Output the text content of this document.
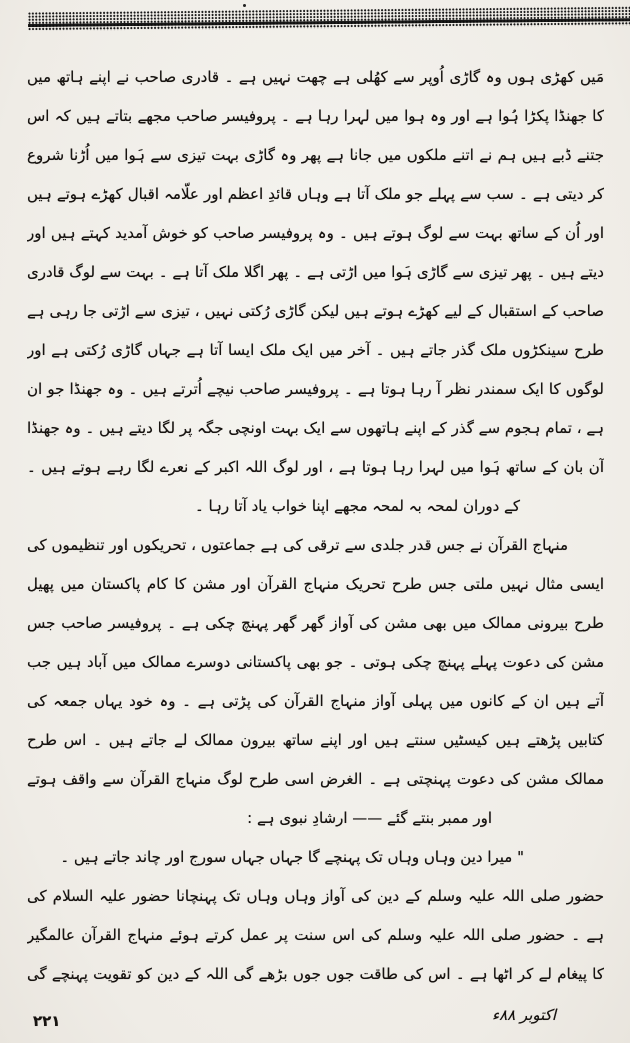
مَیں کھڑی ہوں وہ گاڑی اُوپر سے کھُلی ہے چھت نہیں ہے ۔ قادری صاحب نے اپنے ہاتھ میں
کا جھنڈا پکڑا ہُوا ہے اور وہ ہوا میں لہرا رہا ہے ۔ پروفیسر صاحب مجھے بتاتے ہیں کہ اس
جتنے ڈبے ہیں ہم نے اتنے ملکوں میں جانا ہے پھر وہ گاڑی بہت تیزی سے ہَوا میں اُڑنا شروع
کر دیتی ہے ۔ سب سے پہلے جو ملک آتا ہے وہاں قائدِ اعظم اور علّامہ اقبال کھڑے ہوتے ہیں
اور اُن کے ساتھ بہت سے لوگ ہوتے ہیں ۔ وہ پروفیسر صاحب کو خوش آمدید کہتے ہیں اور
دیتے ہیں ۔ پھر تیزی سے گاڑی ہَوا میں اڑتی ہے ۔ پھر اگلا ملک آتا ہے ۔ بہت سے لوگ قادری
صاحب کے استقبال کے لیے کھڑے ہوتے ہیں لیکن گاڑی رُکتی نہیں ، تیزی سے اڑتی جا رہی ہے
طرح سینکڑوں ملک گذر جاتے ہیں ۔ آخر میں ایک ملک ایسا آتا ہے جہاں گاڑی رُکتی ہے اور
لوگوں کا ایک سمندر نظر آ رہا ہوتا ہے ۔ پروفیسر صاحب نیچے اُترتے ہیں ۔ وہ جھنڈا جو ان
ہے ، تمام ہجوم سے گذر کے اپنے ہاتھوں سے ایک بہت اونچی جگہ پر لگا دیتے ہیں ۔ وہ جھنڈا
آن بان کے ساتھ ہَوا میں لہرا رہا ہوتا ہے ، اور لوگ اللہ اکبر کے نعرے لگا رہے ہوتے ہیں ۔
کے دوران لمحہ بہ لمحہ مجھے اپنا خواب یاد آتا رہا ۔
منہاج القرآن نے جس قدر جلدی سے ترقی کی ہے جماعتوں ، تحریکوں اور تنظیموں کی
ایسی مثال نہیں ملتی جس طرح تحریک منہاج القرآن اور مشن کا کام پاکستان میں پھیل
طرح بیرونی ممالک میں بھی مشن کی آواز گھر گھر پہنچ چکی ہے ۔ پروفیسر صاحب جس
مشن کی دعوت پہلے پہنچ چکی ہوتی ۔ جو بھی پاکستانی دوسرے ممالک میں آباد ہیں جب
آتے ہیں ان کے کانوں میں پہلی آواز منہاج القرآن کی پڑتی ہے ۔ وہ خود یہاں جمعہ کی
کتابیں پڑھتے ہیں کیسٹیں سنتے ہیں اور اپنے ساتھ بیرون ممالک لے جاتے ہیں ۔ اس طرح
ممالک مشن کی دعوت پہنچتی ہے ۔ الغرض اسی طرح لوگ منہاج القرآن سے واقف ہوتے
اور ممبر بنتے گئے —— ارشادِ نبوی ہے :
" میرا دین وہاں وہاں تک پہنچے گا جہاں جہاں سورج اور چاند جاتے ہیں ۔
حضور صلی اللہ علیہ وسلم کے دین کی آواز وہاں وہاں تک پہنچانا حضور علیہ السلام کی
ہے ۔ حضور صلی اللہ علیہ وسلم کی اس سنت پر عمل کرتے ہوئے منہاج القرآن عالمگیر
کا پیغام لے کر اٹھا ہے ۔ اس کی طاقت جوں جوں بڑھے گی اللہ کے دین کو تقویت پہنچے گی
اکتوبر ۸۸ء
۲۲۱
